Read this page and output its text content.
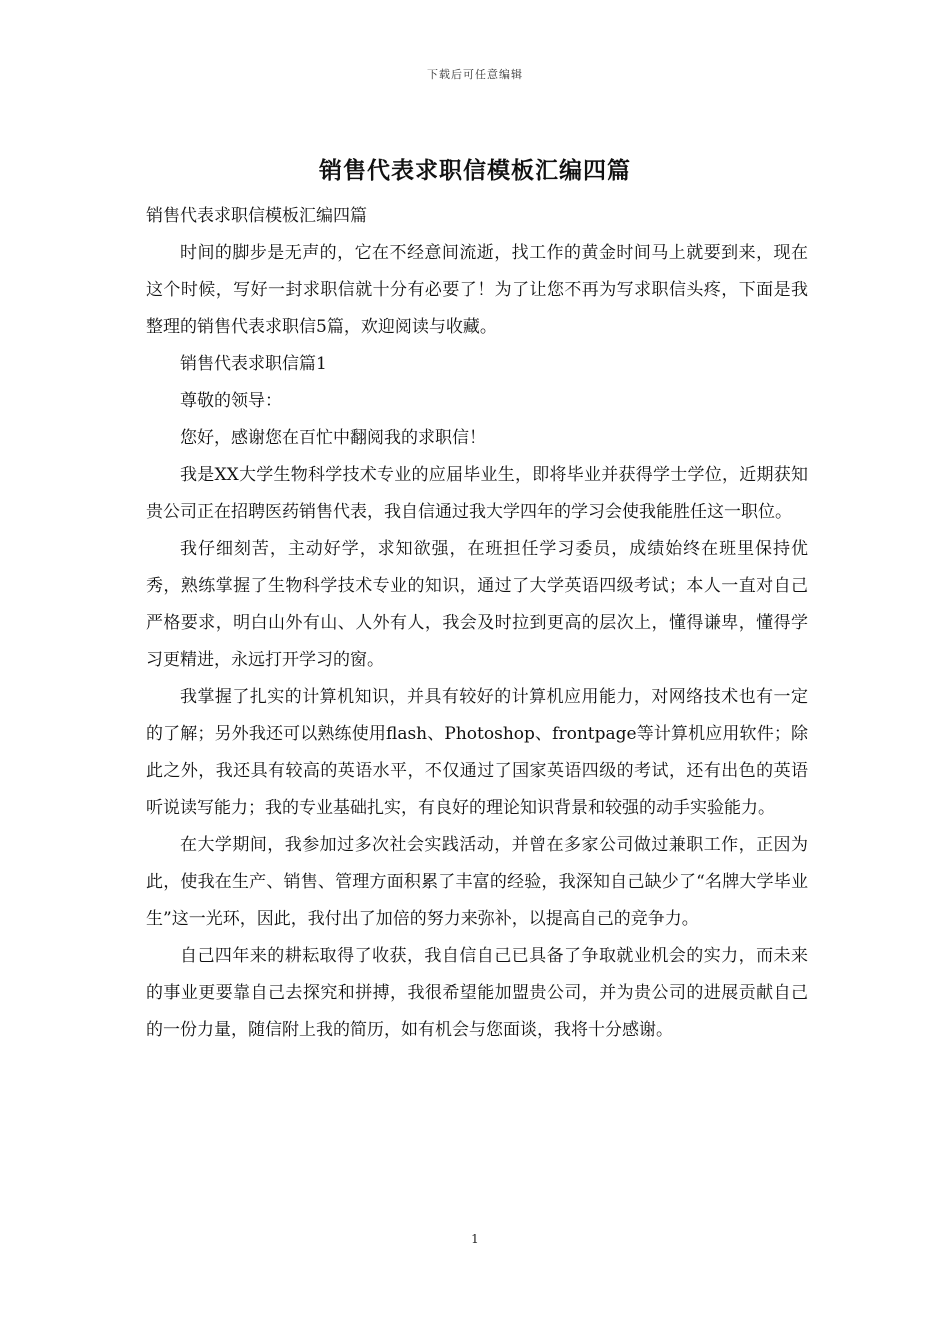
下载后可任意编辑
销售代表求职信模板汇编四篇

销售代表求职信模板汇编四篇

时间的脚步是无声的，它在不经意间流逝，找工作的黄金时间马上就要到来，现在这个时候，写好一封求职信就十分有必要了！为了让您不再为写求职信头疼，下面是我整理的销售代表求职信5篇，欢迎阅读与收藏。

销售代表求职信篇1

尊敬的领导：

您好，感谢您在百忙中翻阅我的求职信！

我是XX大学生物科学技术专业的应届毕业生，即将毕业并获得学士学位，近期获知贵公司正在招聘医药销售代表，我自信通过我大学四年的学习会使我能胜任这一职位。

我仔细刻苦，主动好学，求知欲强，在班担任学习委员，成绩始终在班里保持优秀，熟练掌握了生物科学技术专业的知识，通过了大学英语四级考试；本人一直对自己严格要求，明白山外有山、人外有人，我会及时拉到更高的层次上，懂得谦卑，懂得学习更精进，永远打开学习的窗。

我掌握了扎实的计算机知识，并具有较好的计算机应用能力，对网络技术也有一定的了解；另外我还可以熟练使用flash、Photoshop、frontpage等计算机应用软件；除此之外，我还具有较高的英语水平，不仅通过了国家英语四级的考试，还有出色的英语听说读写能力；我的专业基础扎实，有良好的理论知识背景和较强的动手实验能力。

在大学期间，我参加过多次社会实践活动，并曾在多家公司做过兼职工作，正因为此，使我在生产、销售、管理方面积累了丰富的经验，我深知自己缺少了“名牌大学毕业生”这一光环，因此，我付出了加倍的努力来弥补，以提高自己的竞争力。

自己四年来的耕耘取得了收获，我自信自己已具备了争取就业机会的实力，而未来的事业更要靠自己去探究和拼搏，我很希望能加盟贵公司，并为贵公司的进展贡献自己的一份力量，随信附上我的简历，如有机会与您面谈，我将十分感谢。

1
